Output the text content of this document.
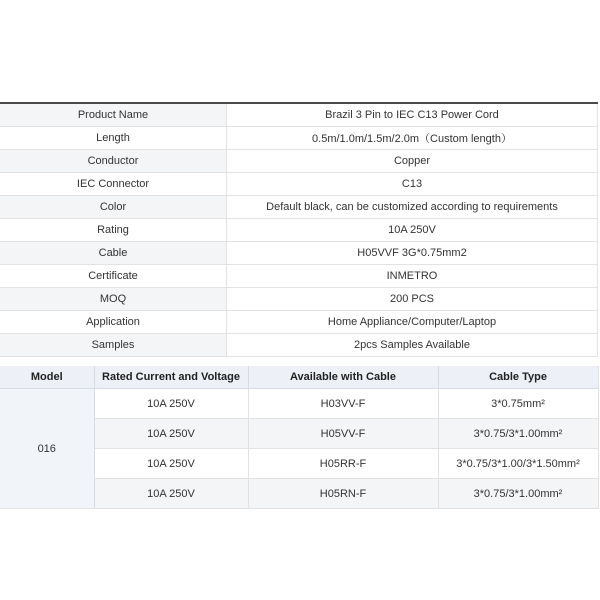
Product Name	Brazil 3 Pin to IEC C13 Power Cord
Length	0.5m/1.0m/1.5m/2.0m（Custom length）
Conductor	Copper
IEC Connector	C13
Color	Default black, can be customized according to requirements
Rating	10A 250V
Cable	H05VVF 3G*0.75mm2
Certificate	INMETRO
MOQ	200 PCS
Application	Home Appliance/Computer/Laptop
Samples	2pcs Samples Available
Model	Rated Current and Voltage	Available with Cable	Cable Type
016	10A 250V	H03VV-F	3*0.75mm²
	10A 250V	H05VV-F	3*0.75/3*1.00mm²
	10A 250V	H05RR-F	3*0.75/3*1.00/3*1.50mm²
	10A 250V	H05RN-F	3*0.75/3*1.00mm²
